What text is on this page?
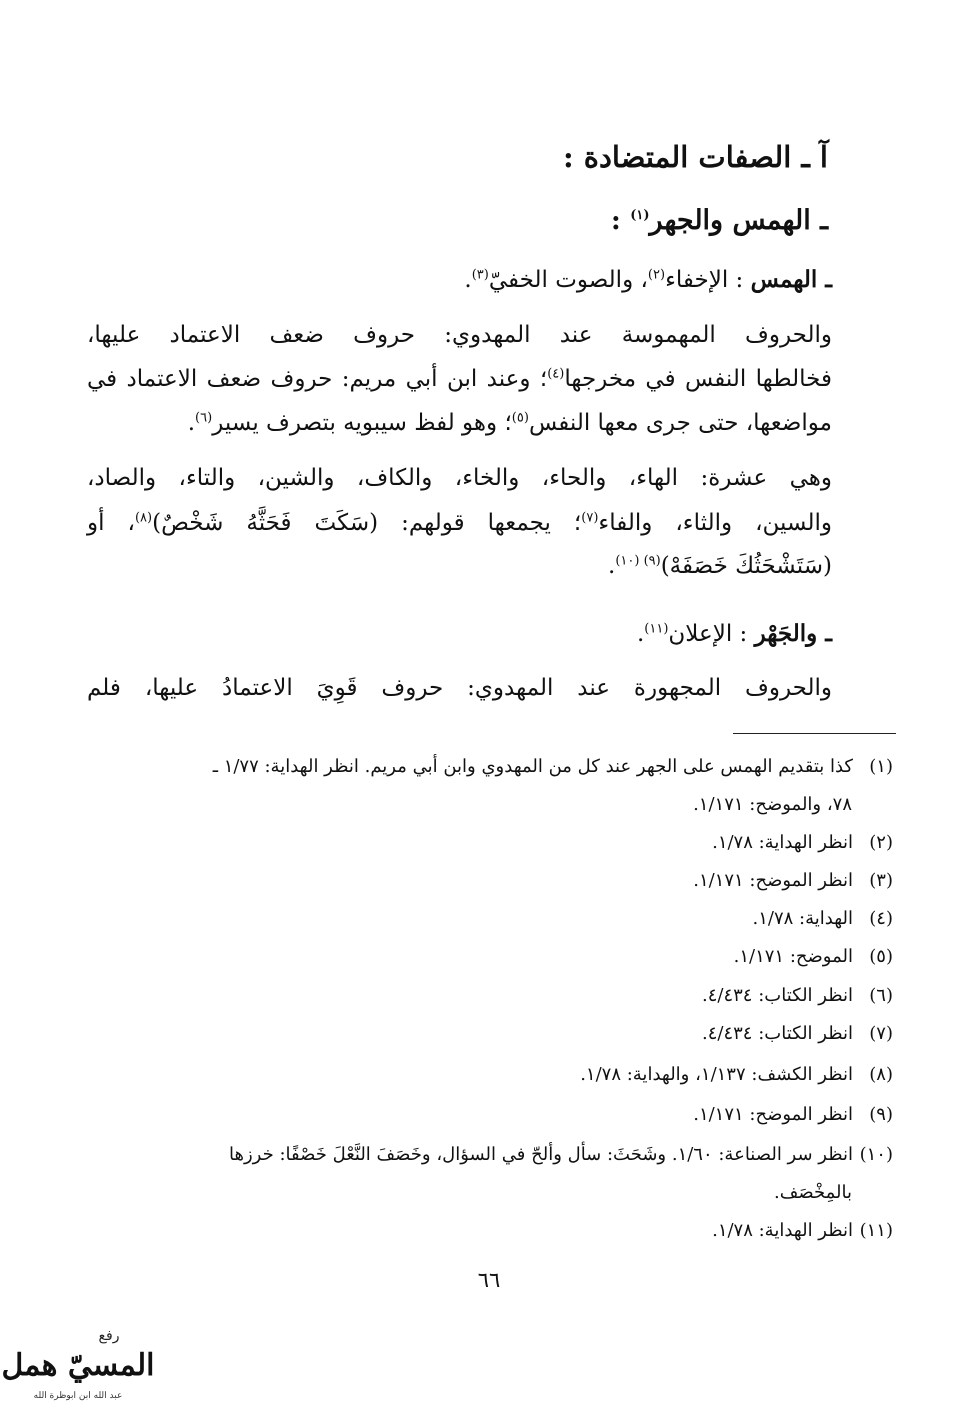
آ ـ الصفات المتضادة :
ـ الهمس والجهر$^{(١)}$ :
ـ الهمس : الإخفاء$^{(٢)}$، والصوت الخفيّ$^{(٣)}$.
والحروف المهموسة عند المهدوي: حروف ضعف الاعتماد عليها،
فخالطها النفس في مخرجها$^{(٤)}$؛ وعند ابن أبي مريم: حروف ضعف الاعتماد في
مواضعها، حتى جرى معها النفس$^{(٥)}$؛ وهو لفظ سيبويه بتصرف يسير$^{(٦)}$.
وهي عشرة: الهاء، والحاء، والخاء، والكاف، والشين، والتاء، والصاد،
والسين، والثاء، والفاء$^{(٧)}$؛ يجمعها قولهم: (سَكَتَ فَحَثَّهُ شَخْصٌ)$^{(٨)}$، أو
(سَتَشْحَثُكَ خَصَفَهْ)$^{(٩) (١٠)}$.
ـ والجَهْر : الإعلان$^{(١١)}$.
والحروف المجهورة عند المهدوي: حروف قَوِيَ الاعتمادُ عليها، فلم
(١)كذا بتقديم الهمس على الجهر عند كل من المهدوي وابن أبي مريم. انظر الهداية: ١/٧٧ ـ
٧٨، والموضح: ١/١٧١.
(٢)انظر الهداية: ١/٧٨.
(٣)انظر الموضح: ١/١٧١.
(٤)الهداية: ١/٧٨.
(٥)الموضح: ١/١٧١.
(٦)انظر الكتاب: ٤/٤٣٤.
(٧)انظر الكتاب: ٤/٤٣٤.
(٨)انظر الكشف: ١/١٣٧، والهداية: ١/٧٨.
(٩)انظر الموضح: ١/١٧١.
(١٠)انظر سر الصناعة: ١/٦٠. وشَحَثَ: سأل وألحّ في السؤال، وخَصَفَ النَّعْلَ خَصْفًا: خرزها
بالمِخْصَف.
(١١)انظر الهداية: ١/٧٨.
٦٦
رفع
المسيّ همل
عبد الله ابن ابوظرة الله
